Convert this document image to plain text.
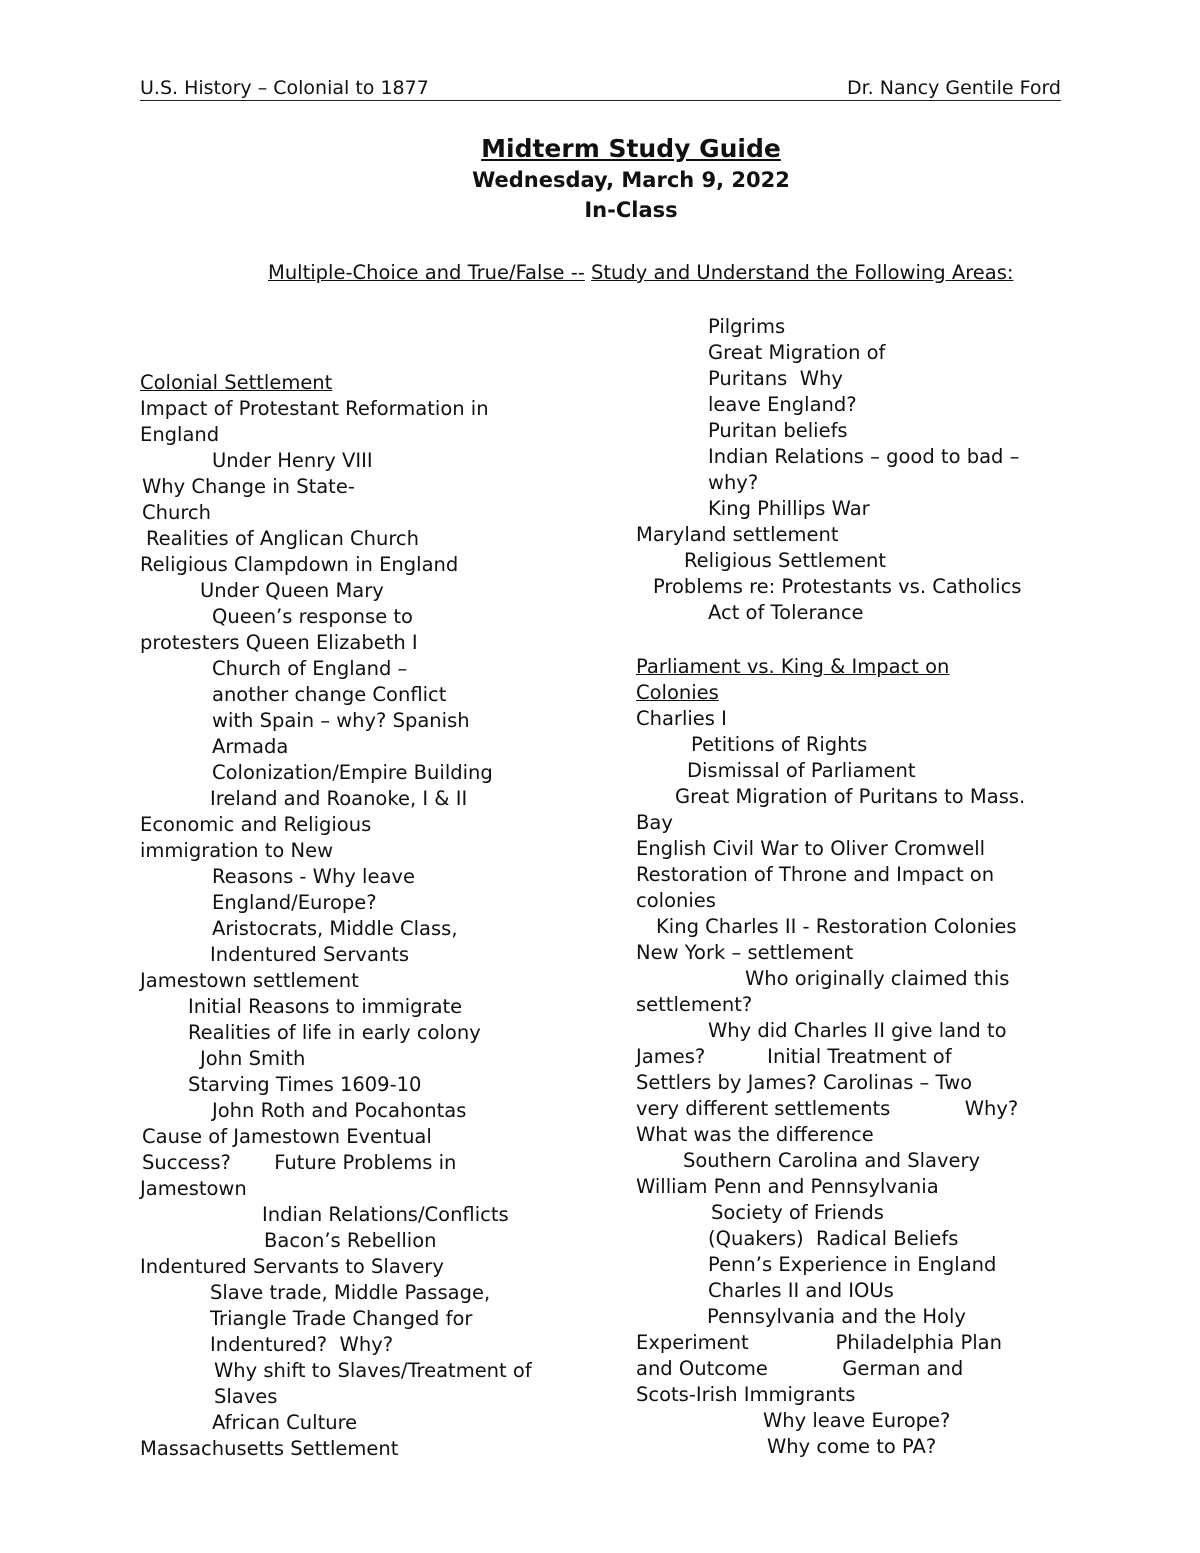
U.S. History – Colonial to 1877	Dr. Nancy Gentile Ford
Midterm Study Guide
Wednesday, March 9, 2022
In-Class
Multiple-Choice and True/False -- Study and Understand the Following Areas:
Colonial Settlement
Impact of Protestant Reformation in
England
Under Henry VIII
Why Change in State-
Church
Realities of Anglican Church
Religious Clampdown in England
Under Queen Mary
Queen’s response to
protesters Queen Elizabeth I
Church of England –
another change Conflict
with Spain – why? Spanish
Armada
Colonization/Empire Building
Ireland and Roanoke, I & II
Economic and Religious
immigration to New
Reasons - Why leave
England/Europe?
Aristocrats, Middle Class,
Indentured Servants
Jamestown settlement
Initial Reasons to immigrate
Realities of life in early colony
John Smith
Starving Times 1609-10
John Roth and Pocahontas
Cause of Jamestown Eventual
Success?       Future Problems in
Jamestown
Indian Relations/Conflicts
Bacon’s Rebellion
Indentured Servants to Slavery
Slave trade, Middle Passage,
Triangle Trade Changed for
Indentured?  Why?
Why shift to Slaves/Treatment of
Slaves
African Culture
Massachusetts Settlement
Pilgrims
Great Migration of
Puritans  Why
leave England?
Puritan beliefs
Indian Relations – good to bad –
why?
King Phillips War
Maryland settlement
Religious Settlement
Problems re: Protestants vs. Catholics
Act of Tolerance
Parliament vs. King & Impact on
Colonies
Charlies I
Petitions of Rights
Dismissal of Parliament
Great Migration of Puritans to Mass.
Bay
English Civil War to Oliver Cromwell
Restoration of Throne and Impact on
colonies
King Charles II - Restoration Colonies
New York – settlement
Who originally claimed this
settlement?
Why did Charles II give land to
James?          Initial Treatment of
Settlers by James? Carolinas – Two
very different settlements            Why?
What was the difference
Southern Carolina and Slavery
William Penn and Pennsylvania
Society of Friends
(Quakers)  Radical Beliefs
Penn’s Experience in England
Charles II and IOUs
Pennsylvania and the Holy
Experiment              Philadelphia Plan
and Outcome            German and
Scots-Irish Immigrants
Why leave Europe?
Why come to PA?
